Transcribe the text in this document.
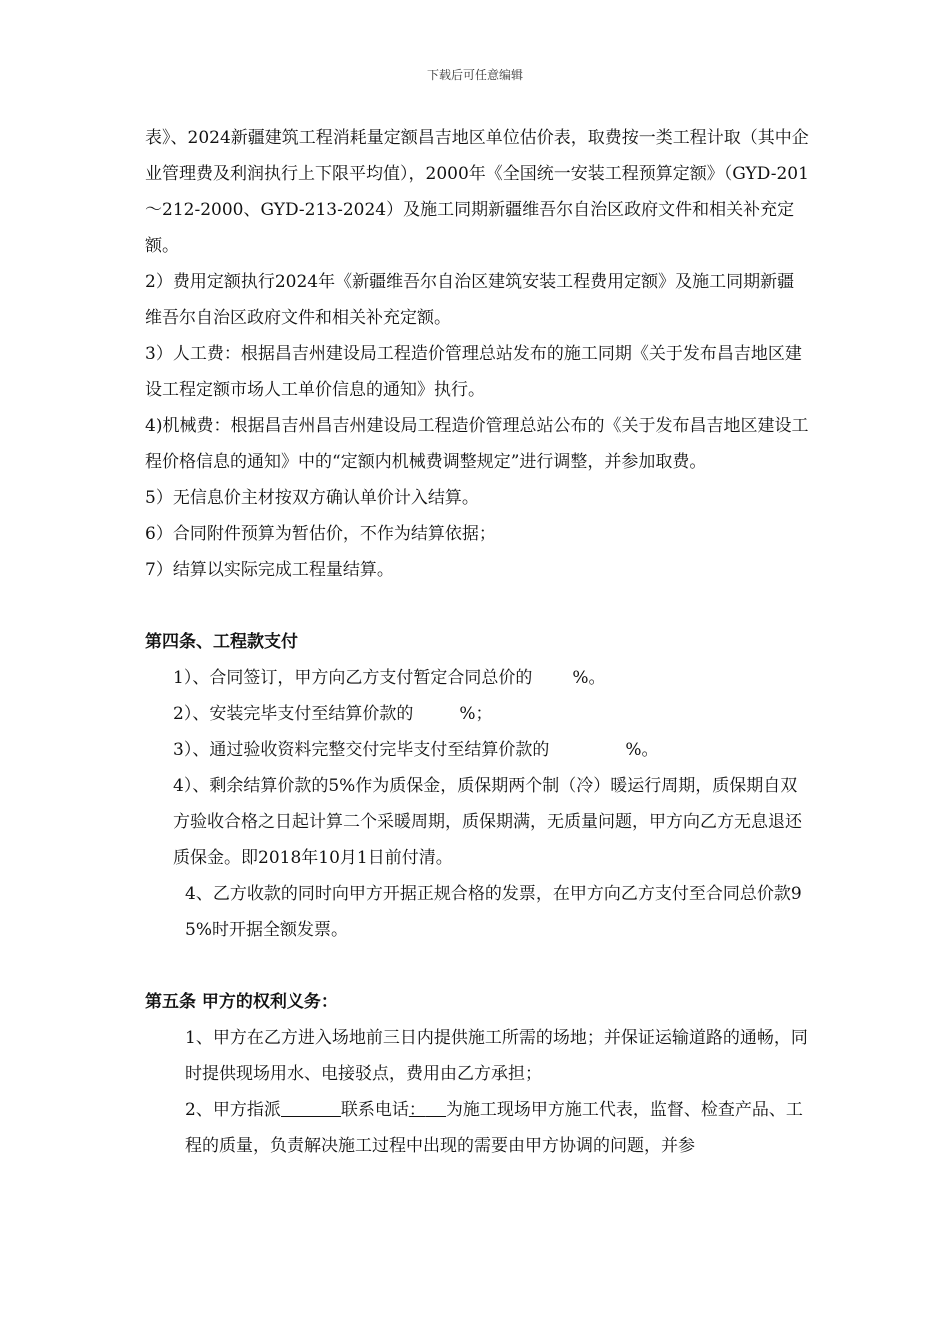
下载后可任意编辑

表》、2024新疆建筑工程消耗量定额昌吉地区单位估价表，取费按一类工程计取（其中企业管理费及利润执行上下限平均值），2000年《全国统一安装工程预算定额》（GYD-201～212-2000、GYD-213-2024）及施工同期新疆维吾尔自治区政府文件和相关补充定额。

2）费用定额执行2024年《新疆维吾尔自治区建筑安装工程费用定额》及施工同期新疆维吾尔自治区政府文件和相关补充定额。

3）人工费：根据昌吉州建设局工程造价管理总站发布的施工同期《关于发布昌吉地区建设工程定额市场人工单价信息的通知》执行。

4)机械费：根据昌吉州昌吉州建设局工程造价管理总站公布的《关于发布昌吉地区建设工程价格信息的通知》中的“定额内机械费调整规定”进行调整，并参加取费。

5）无信息价主材按双方确认单价计入结算。

6）合同附件预算为暂估价，不作为结算依据；

7）结算以实际完成工程量结算。

第四条、工程款支付

1）、合同签订，甲方向乙方支付暂定合同总价的 %。

2）、安装完毕支付至结算价款的	%；

3）、通过验收资料完整交付完毕支付至结算价款的	%。

4）、剩余结算价款的5%作为质保金，质保期两个制（冷）暖运行周期，质保期自双方验收合格之日起计算二个采暖周期，质保期满，无质量问题，甲方向乙方无息退还质保金。即2018年10月1日前付清。

4、乙方收款的同时向甲方开据正规合格的发票，在甲方向乙方支付至合同总价款95%时开据全额发票。

第五条 甲方的权利义务：

1、甲方在乙方进入场地前三日内提供施工所需的场地；并保证运输道路的通畅，同时提供现场用水、电接驳点，费用由乙方承担；

2、甲方指派	联系电话： 为施工现场甲方施工代表，监督、检查产品、工程的质量，负责解决施工过程中出现的需要由甲方协调的问题，并参
